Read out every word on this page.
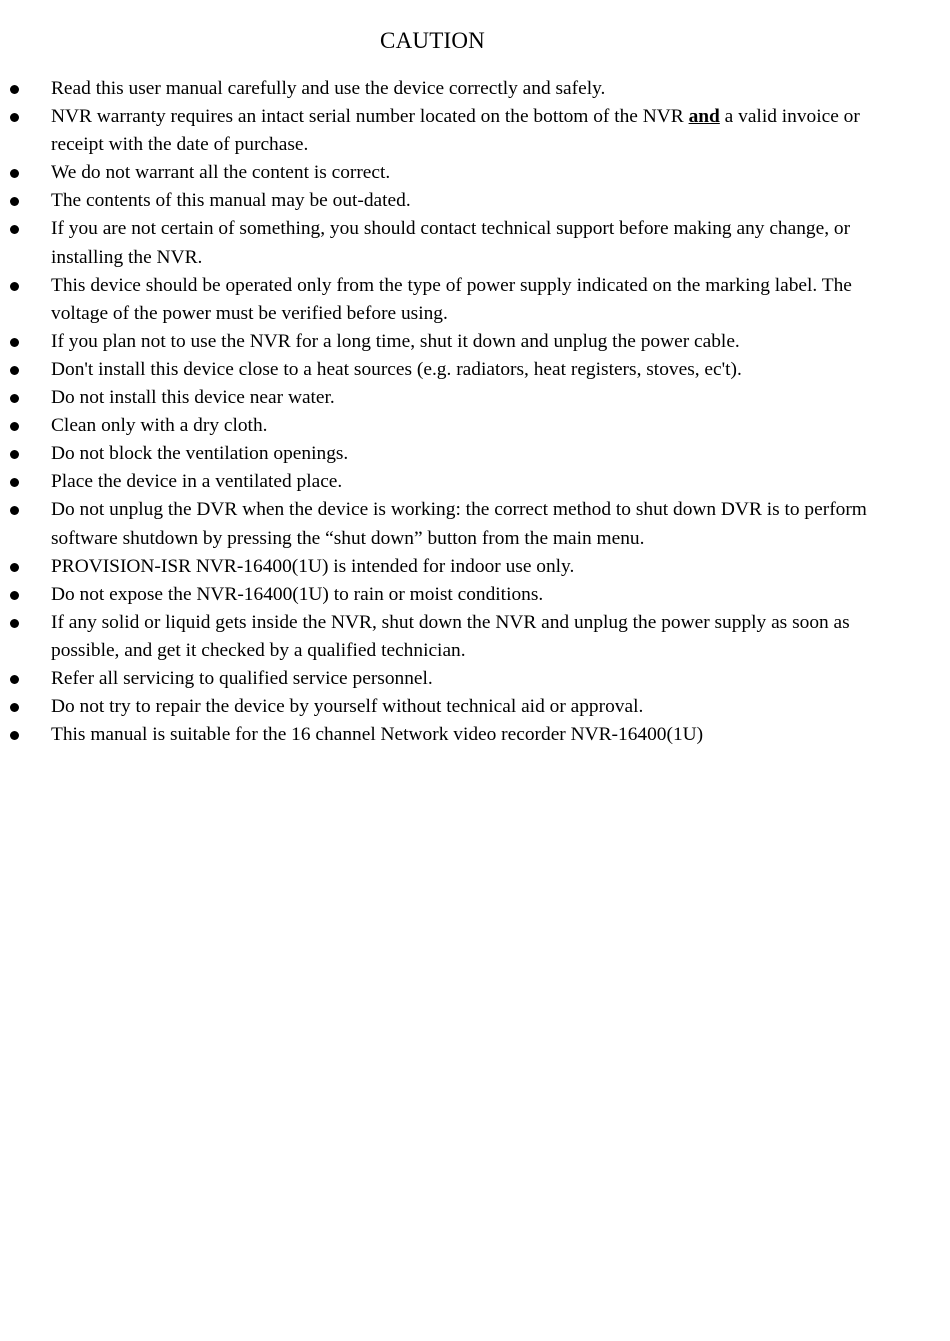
CAUTION
Read this user manual carefully and use the device correctly and safely.
NVR warranty requires an intact serial number located on the bottom of the NVR and a valid invoice or receipt with the date of purchase.
We do not warrant all the content is correct.
The contents of this manual may be out-dated.
If you are not certain of something, you should contact technical support before making any change, or installing the NVR.
This device should be operated only from the type of power supply indicated on the marking label. The voltage of the power must be verified before using.
If you plan not to use the NVR for a long time, shut it down and unplug the power cable.
Don't install this device close to a heat sources (e.g. radiators, heat registers, stoves, ec't).
Do not install this device near water.
Clean only with a dry cloth.
Do not block the ventilation openings.
Place the device in a ventilated place.
Do not unplug the DVR when the device is working: the correct method to shut down DVR is to perform software shutdown by pressing the “shut down” button from the main menu.
PROVISION-ISR NVR-16400(1U) is intended for indoor use only.
Do not expose the NVR-16400(1U) to rain or moist conditions.
If any solid or liquid gets inside the NVR, shut down the NVR and unplug the power supply as soon as possible, and get it checked by a qualified technician.
Refer all servicing to qualified service personnel.
Do not try to repair the device by yourself without technical aid or approval.
This manual is suitable for the 16 channel Network video recorder NVR-16400(1U)
